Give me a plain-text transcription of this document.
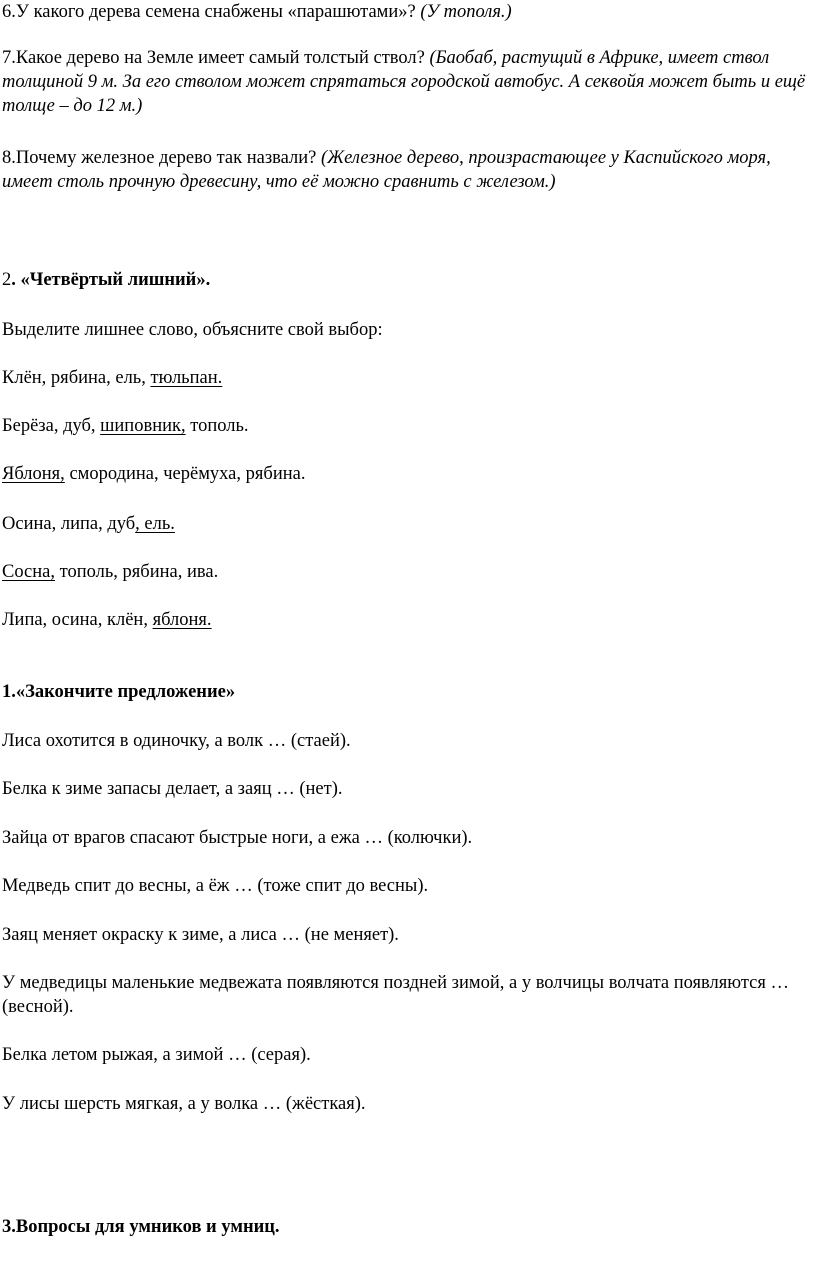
6.У какого дерева семена снабжены «парашютами»? (У тополя.)

7.Какое дерево на Земле имеет самый толстый ствол? (Баобаб, растущий в Африке, имеет ствол толщиной 9 м. За его стволом может спрятаться городской автобус. А секвойя может быть и ещё толще – до 12 м.)

8.Почему железное дерево так назвали? (Железное дерево, произрастающее у Каспийского моря, имеет столь прочную древесину, что её можно сравнить с железом.)

2. «Четвёртый лишний».

Выделите лишнее слово, объясните свой выбор:

Клён, рябина, ель, тюльпан.

Берёза, дуб, шиповник, тополь.

Яблоня, смородина, черёмуха, рябина.

Осина, липа, дуб, ель.

Сосна, тополь, рябина, ива.

Липа, осина, клён, яблоня.

1.«Закончите предложение»

Лиса охотится в одиночку, а волк … (стаей).

Белка к зиме запасы делает, а заяц … (нет).

Зайца от врагов спасают быстрые ноги, а ежа … (колючки).

Медведь спит до весны, а ёж … (тоже спит до весны).

Заяц меняет окраску к зиме, а лиса … (не меняет).

У медведицы маленькие медвежата появляются поздней зимой, а у волчицы волчата появляются … (весной).

Белка летом рыжая, а зимой … (серая).

У лисы шерсть мягкая, а у волка … (жёсткая).

3.Вопросы для умников и умниц.
